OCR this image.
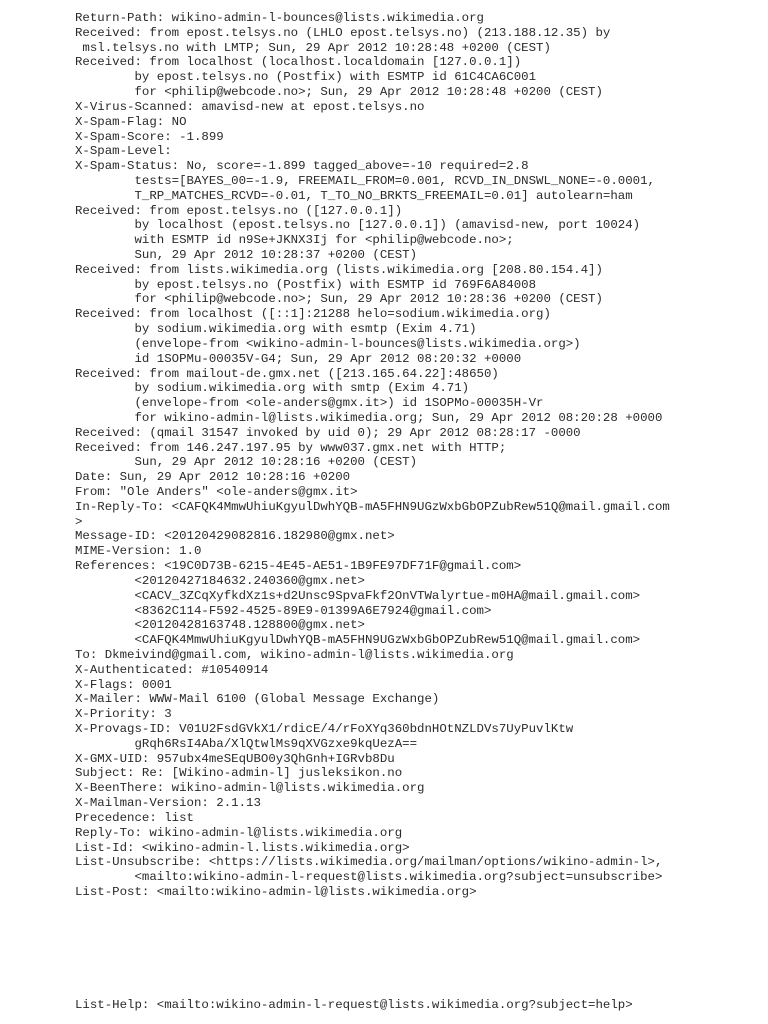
Return-Path: wikino-admin-l-bounces@lists.wikimedia.org
Received: from epost.telsys.no (LHLO epost.telsys.no) (213.188.12.35) by
msl.telsys.no with LMTP; Sun, 29 Apr 2012 10:28:48 +0200 (CEST)
Received: from localhost (localhost.localdomain [127.0.0.1])
by epost.telsys.no (Postfix) with ESMTP id 61C4CA6C001
for <philip@webcode.no>; Sun, 29 Apr 2012 10:28:48 +0200 (CEST)
X-Virus-Scanned: amavisd-new at epost.telsys.no
X-Spam-Flag: NO
X-Spam-Score: -1.899
X-Spam-Level:
X-Spam-Status: No, score=-1.899 tagged_above=-10 required=2.8
tests=[BAYES_00=-1.9, FREEMAIL_FROM=0.001, RCVD_IN_DNSWL_NONE=-0.0001,
T_RP_MATCHES_RCVD=-0.01, T_TO_NO_BRKTS_FREEMAIL=0.01] autolearn=ham
Received: from epost.telsys.no ([127.0.0.1])
by localhost (epost.telsys.no [127.0.0.1]) (amavisd-new, port 10024)
with ESMTP id n9Se+JKNX3Ij for <philip@webcode.no>;
Sun, 29 Apr 2012 10:28:37 +0200 (CEST)
Received: from lists.wikimedia.org (lists.wikimedia.org [208.80.154.4])
by epost.telsys.no (Postfix) with ESMTP id 769F6A84008
for <philip@webcode.no>; Sun, 29 Apr 2012 10:28:36 +0200 (CEST)
Received: from localhost ([::1]:21288 helo=sodium.wikimedia.org)
by sodium.wikimedia.org with esmtp (Exim 4.71)
(envelope-from <wikino-admin-l-bounces@lists.wikimedia.org>)
id 1SOPMu-00035V-G4; Sun, 29 Apr 2012 08:20:32 +0000
Received: from mailout-de.gmx.net ([213.165.64.22]:48650)
by sodium.wikimedia.org with smtp (Exim 4.71)
(envelope-from <ole-anders@gmx.it>) id 1SOPMo-00035H-Vr
for wikino-admin-l@lists.wikimedia.org; Sun, 29 Apr 2012 08:20:28 +0000
Received: (qmail 31547 invoked by uid 0); 29 Apr 2012 08:28:17 -0000
Received: from 146.247.197.95 by www037.gmx.net with HTTP;
Sun, 29 Apr 2012 10:28:16 +0200 (CEST)
Date: Sun, 29 Apr 2012 10:28:16 +0200
From: "Ole Anders" <ole-anders@gmx.it>
In-Reply-To: <CAFQK4MmwUhiuKgyulDwhYQB-mA5FHN9UGzWxbGbOPZubRew51Q@mail.gmail.com
>
Message-ID: <20120429082816.182980@gmx.net>
MIME-Version: 1.0
References: <19C0D73B-6215-4E45-AE51-1B9FE97DF71F@gmail.com>
<20120427184632.240360@gmx.net>
<CACV_3ZCqXyfkdXz1s+d2Unsc9SpvaFkf2OnVTWalyrtue-m0HA@mail.gmail.com>
<8362C114-F592-4525-89E9-01399A6E7924@gmail.com>
<20120428163748.128800@gmx.net>
<CAFQK4MmwUhiuKgyulDwhYQB-mA5FHN9UGzWxbGbOPZubRew51Q@mail.gmail.com>
To: Dkmeivind@gmail.com, wikino-admin-l@lists.wikimedia.org
X-Authenticated: #10540914
X-Flags: 0001
X-Mailer: WWW-Mail 6100 (Global Message Exchange)
X-Priority: 3
X-Provags-ID: V01U2FsdGVkX1/rdicE/4/rFoXYq360bdnHOtNZLDVs7UyPuvlKtw
gRqh6RsI4Aba/XlQtwlMs9qXVGzxe9kqUezA==
X-GMX-UID: 957ubx4meSEqUBO0y3QhGnh+IGRvb8Du
Subject: Re: [Wikino-admin-l] jusleksikon.no
X-BeenThere: wikino-admin-l@lists.wikimedia.org
X-Mailman-Version: 2.1.13
Precedence: list
Reply-To: wikino-admin-l@lists.wikimedia.org
List-Id: <wikino-admin-l.lists.wikimedia.org>
List-Unsubscribe: <https://lists.wikimedia.org/mailman/options/wikino-admin-l>,
<mailto:wikino-admin-l-request@lists.wikimedia.org?subject=unsubscribe>
List-Post: <mailto:wikino-admin-l@lists.wikimedia.org>
List-Help: <mailto:wikino-admin-l-request@lists.wikimedia.org?subject=help>
